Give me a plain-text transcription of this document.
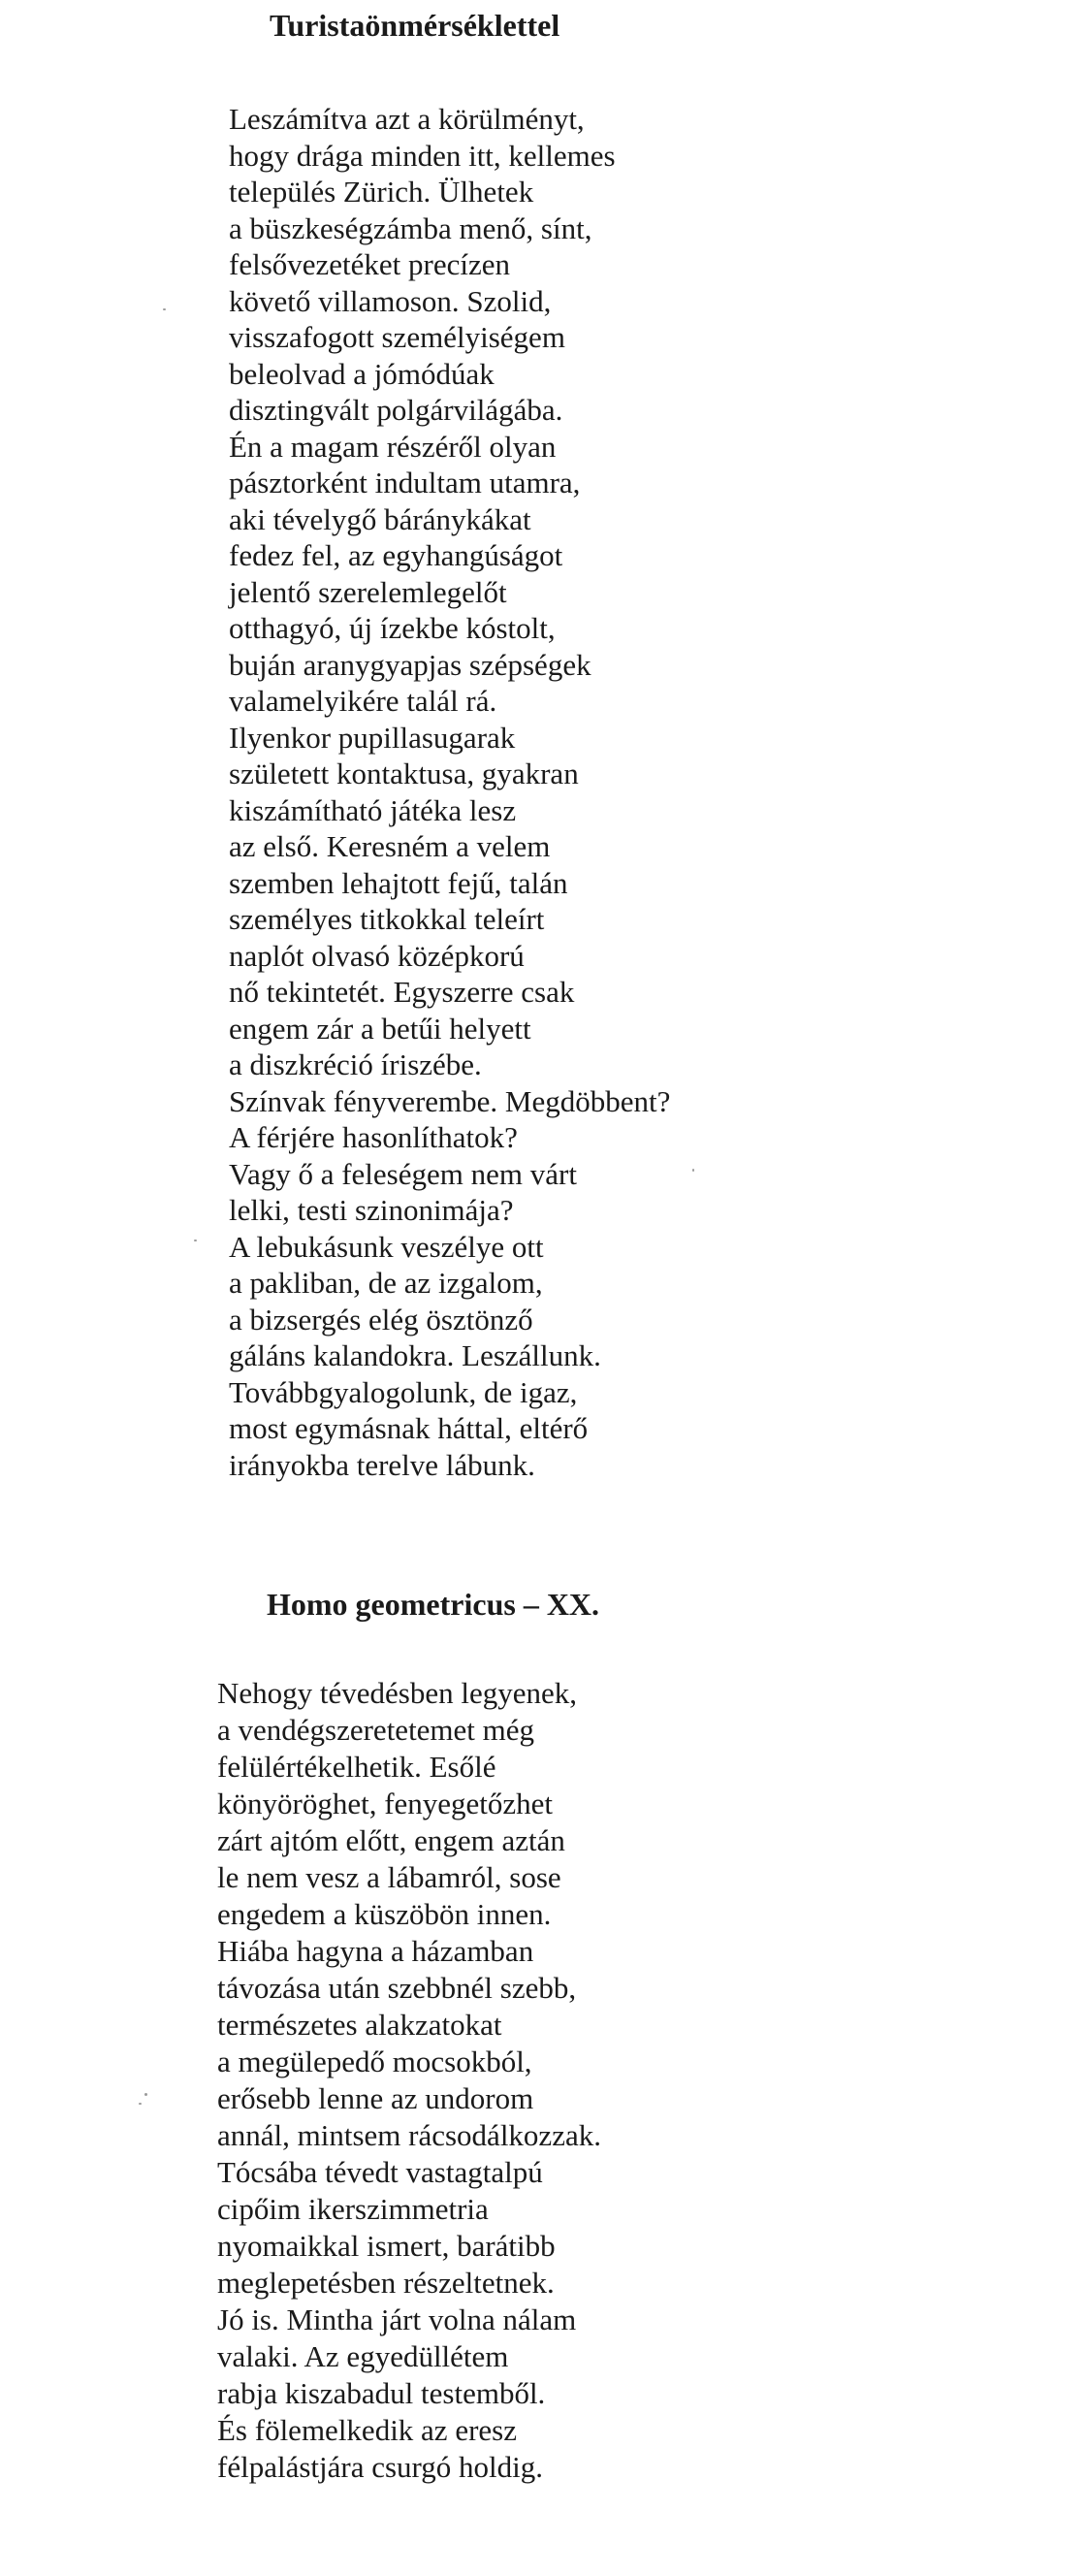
Turistaönmérséklettel
Leszámítva azt a körülményt,
hogy drága minden itt, kellemes
település Zürich. Ülhetek
a büszkeségzámba menő, sínt,
felsővezetéket precízen
követő villamoson. Szolid,
visszafogott személyiségem
beleolvad a jómódúak
disztingvált polgárvilágába.
Én a magam részéről olyan
pásztorként indultam utamra,
aki tévelygő báránykákat
fedez fel, az egyhangúságot
jelentő szerelemlegelőt
otthagyó, új ízekbe kóstolt,
buján aranygyapjas szépségek
valamelyikére talál rá.
Ilyenkor pupillasugarak
született kontaktusa, gyakran
kiszámítható játéka lesz
az első. Keresném a velem
szemben lehajtott fejű, talán
személyes titkokkal teleírt
naplót olvasó középkorú
nő tekintetét. Egyszerre csak
engem zár a betűi helyett
a diszkréció íriszébe.
Színvak fényverembe. Megdöbbent?
A férjére hasonlíthatok?
Vagy ő a feleségem nem várt
lelki, testi szinonimája?
A lebukásunk veszélye ott
a pakliban, de az izgalom,
a bizsergés elég ösztönző
gáláns kalandokra. Leszállunk.
Továbbgyalogolunk, de igaz,
most egymásnak háttal, eltérő
irányokba terelve lábunk.
Homo geometricus – XX.
Nehogy tévedésben legyenek,
a vendégszeretetemet még
felülértékelhetik. Esőlé
könyöröghet, fenyegetőzhet
zárt ajtóm előtt, engem aztán
le nem vesz a lábamról, sose
engedem a küszöbön innen.
Hiába hagyna a házamban
távozása után szebbnél szebb,
természetes alakzatokat
a megülepedő mocsokból,
erősebb lenne az undorom
annál, mintsem rácsodálkozzak.
Tócsába tévedt vastagtalpú
cipőim ikerszimmetria
nyomaikkal ismert, barátibb
meglepetésben részeltetnek.
Jó is. Mintha járt volna nálam
valaki. Az egyedüllétem
rabja kiszabadul testemből.
És fölemelkedik az eresz
félpalástjára csurgó holdig.
